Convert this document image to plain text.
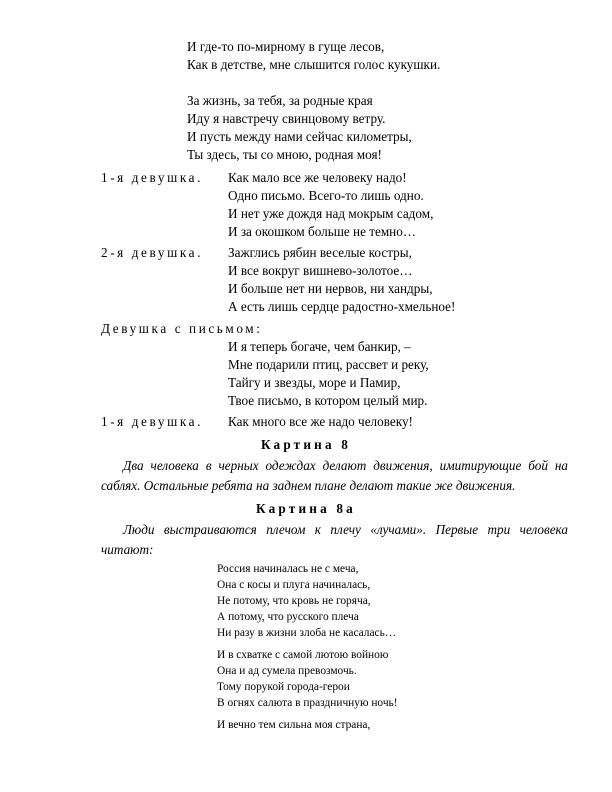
И где-то по-мирному в гуще лесов,
Как в детстве, мне слышится голос кукушки.
За жизнь, за тебя, за родные края
Иду я навстречу свинцовому ветру.
И пусть между нами сейчас километры,
Ты здесь, ты со мною, родная моя!
1-я девушка. Как мало все же человеку надо!
Одно письмо. Всего-то лишь одно.
И нет уже дождя над мокрым садом,
И за окошком больше не темно…
2-я девушка. Зажглись рябин веселые костры,
И все вокруг вишнево-золотое…
И больше нет ни нервов, ни хандры,
А есть лишь сердце радостно-хмельное!
Девушка с письмом:
И я теперь богаче, чем банкир, –
Мне подарили птиц, рассвет и реку,
Тайгу и звезды, море и Памир,
Твое письмо, в котором целый мир.
1-я девушка. Как много все же надо человеку!
Картина 8
Два человека в черных одеждах делают движения, имитирующие бой на саблях. Остальные ребята на заднем плане делают такие же движения.
Картина 8а
Люди выстраиваются плечом к плечу «лучами». Первые три человека читают:
Россия начиналась не с меча,
Она с косы и плуга начиналась,
Не потому, что кровь не горяча,
А потому, что русского плеча
Ни разу в жизни злоба не касалась…
И в схватке с самой лютою войною
Она и ад сумела превозмочь.
Тому порукой города-герои
В огнях салюта в праздничную ночь!
И вечно тем сильна моя страна,
